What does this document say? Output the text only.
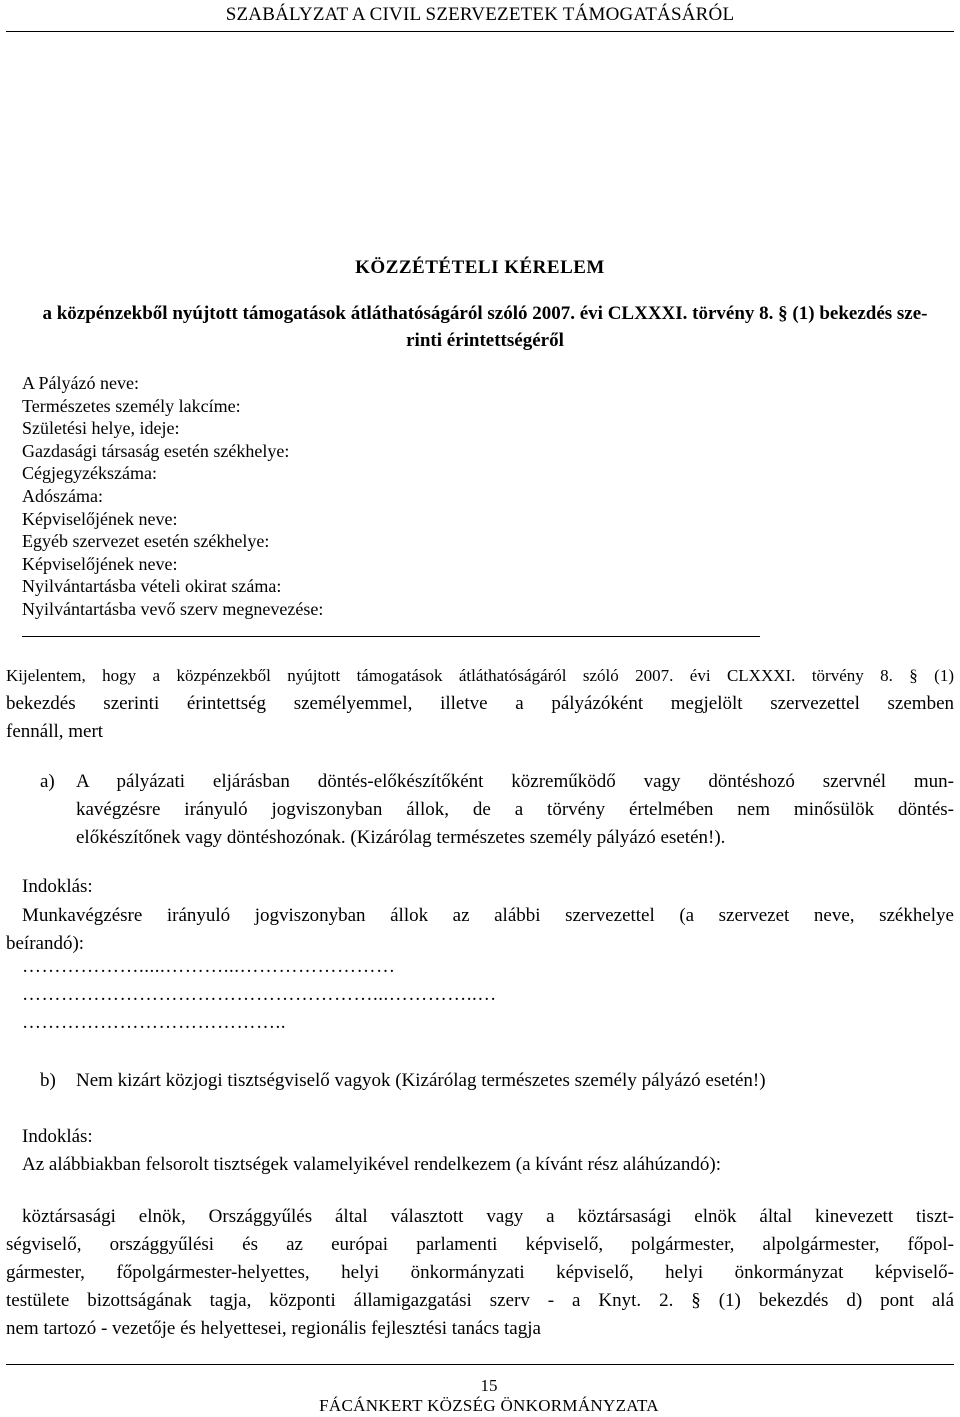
SZABÁLYZAT A CIVIL SZERVEZETEK TÁMOGATÁSÁRÓL
KÖZZÉTÉTELI KÉRELEM
a közpénzekből nyújtott támogatások átláthatóságáról szóló 2007. évi CLXXXI. törvény 8. § (1) bekezdés sze-
rinti érintettségéről
A Pályázó neve:
Természetes személy lakcíme:
Születési helye, ideje:
Gazdasági társaság esetén székhelye:
Cégjegyzékszáma:
Adószáma:
Képviselőjének neve:
Egyéb szervezet esetén székhelye:
Képviselőjének neve:
Nyilvántartásba vételi okirat száma:
Nyilvántartásba vevő szerv megnevezése:
Kijelentem, hogy a közpénzekből nyújtott támogatások átláthatóságáról szóló 2007. évi CLXXXI. törvény 8. § (1)
bekezdés szerinti érintettség személyemmel, illetve a pályázóként megjelölt szervezettel szemben
fennáll, mert
a) A pályázati eljárásban döntés-előkészítőként közreműködő vagy döntéshozó szervnél mun-
kavégzésre irányuló jogviszonyban állok, de a törvény értelmében nem minősülök döntés-
előkészítőnek vagy döntéshozónak. (Kizárólag természetes személy pályázó esetén!).
Indoklás:
Munkavégzésre irányuló jogviszonyban állok az alábbi szervezettel (a szervezet neve, székhelye
beírandó):
……………….....………...……………………
………………………………………………...…………..…
…………………………………..
b) Nem kizárt közjogi tisztségviselő vagyok (Kizárólag természetes személy pályázó esetén!)
Indoklás:
Az alábbiakban felsorolt tisztségek valamelyikével rendelkezem (a kívánt rész aláhúzandó):
köztársasági elnök, Országgyűlés által választott vagy a köztársasági elnök által kinevezett tiszt-
ségviselő, országgyűlési és az európai parlamenti képviselő, polgármester, alpolgármester, főpol-
gármester, főpolgármester-helyettes, helyi önkormányzati képviselő, helyi önkormányzat képviselő-
testülete bizottságának tagja, központi államigazgatási szerv - a Knyt. 2. § (1) bekezdés d) pont alá
nem tartozó - vezetője és helyettesei, regionális fejlesztési tanács tagja
15
FÁCÁNKERT KÖZSÉG ÖNKORMÁNYZATA
